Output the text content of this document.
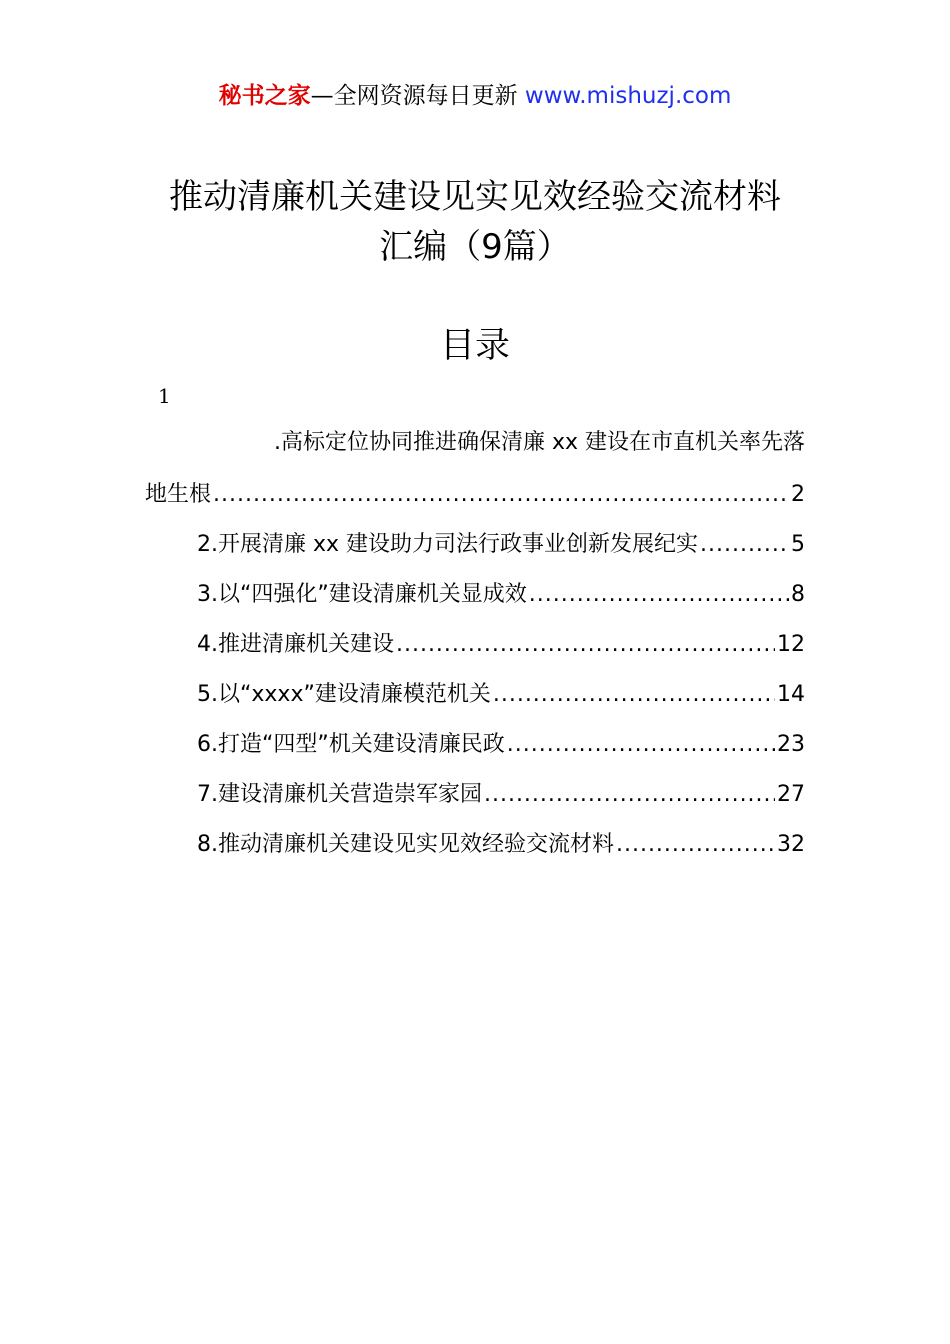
秘书之家—全网资源每日更新 www.mishuzj.com
推动清廉机关建设见实见效经验交流材料
汇编（9篇）
目录
1
.高标定位协同推进确保清廉 xx 建设在市直机关率先落
地生根 . . .	2
2.开展清廉 xx 建设助力司法行政事业创新发展纪实 . . .	5
3.以“四强化”建设清廉机关显成效 . . .	8
4.推进清廉机关建设 . . .	12
5.以“xxxx”建设清廉模范机关 . . .	14
6.打造“四型”机关建设清廉民政 . . .	23
7.建设清廉机关营造崇军家园 . . .	27
8.推动清廉机关建设见实见效经验交流材料 . . .	32
